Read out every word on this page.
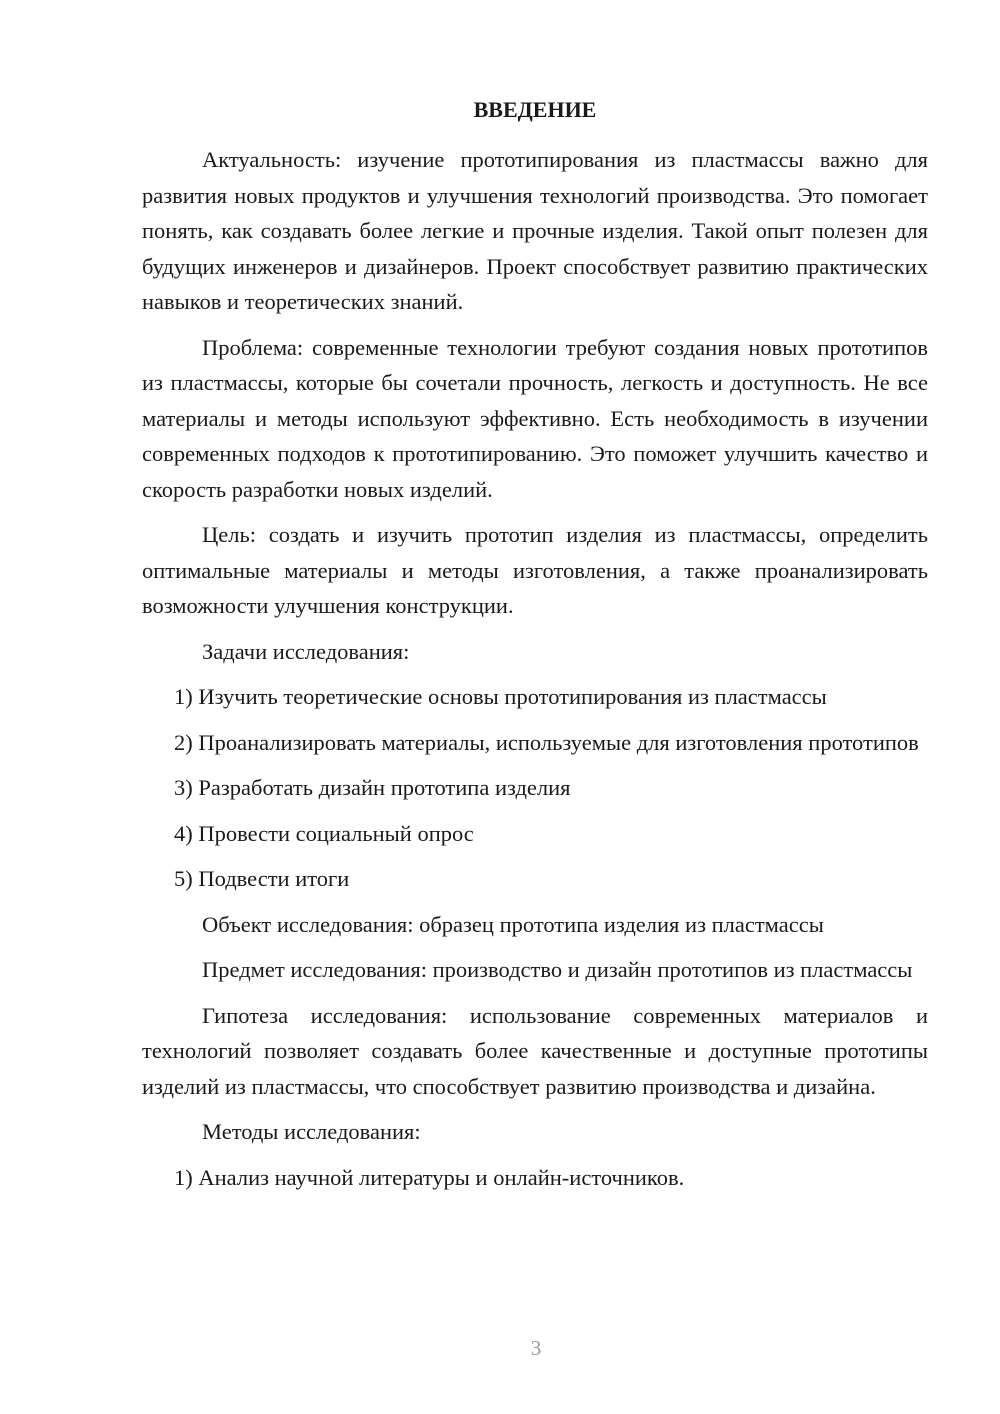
ВВЕДЕНИЕ

Актуальность: изучение прототипирования из пластмассы важно для развития новых продуктов и улучшения технологий производства. Это помогает понять, как создавать более легкие и прочные изделия. Такой опыт полезен для будущих инженеров и дизайнеров. Проект способствует развитию практических навыков и теоретических знаний.

Проблема: современные технологии требуют создания новых прототипов из пластмассы, которые бы сочетали прочность, легкость и доступность. Не все материалы и методы используют эффективно. Есть необходимость в изучении современных подходов к прототипированию. Это поможет улучшить качество и скорость разработки новых изделий.

Цель: создать и изучить прототип изделия из пластмассы, определить оптимальные материалы и методы изготовления, а также проанализировать возможности улучшения конструкции.

Задачи исследования:

1) Изучить теоретические основы прототипирования из пластмассы

2) Проанализировать материалы, используемые для изготовления прототипов

3) Разработать дизайн прототипа изделия

4) Провести социальный опрос

5) Подвести итоги

Объект исследования: образец прототипа изделия из пластмассы

Предмет исследования: производство и дизайн прототипов из пластмассы

Гипотеза исследования: использование современных материалов и технологий позволяет создавать более качественные и доступные прототипы изделий из пластмассы, что способствует развитию производства и дизайна.

Методы исследования:

1) Анализ научной литературы и онлайн-источников.

3
